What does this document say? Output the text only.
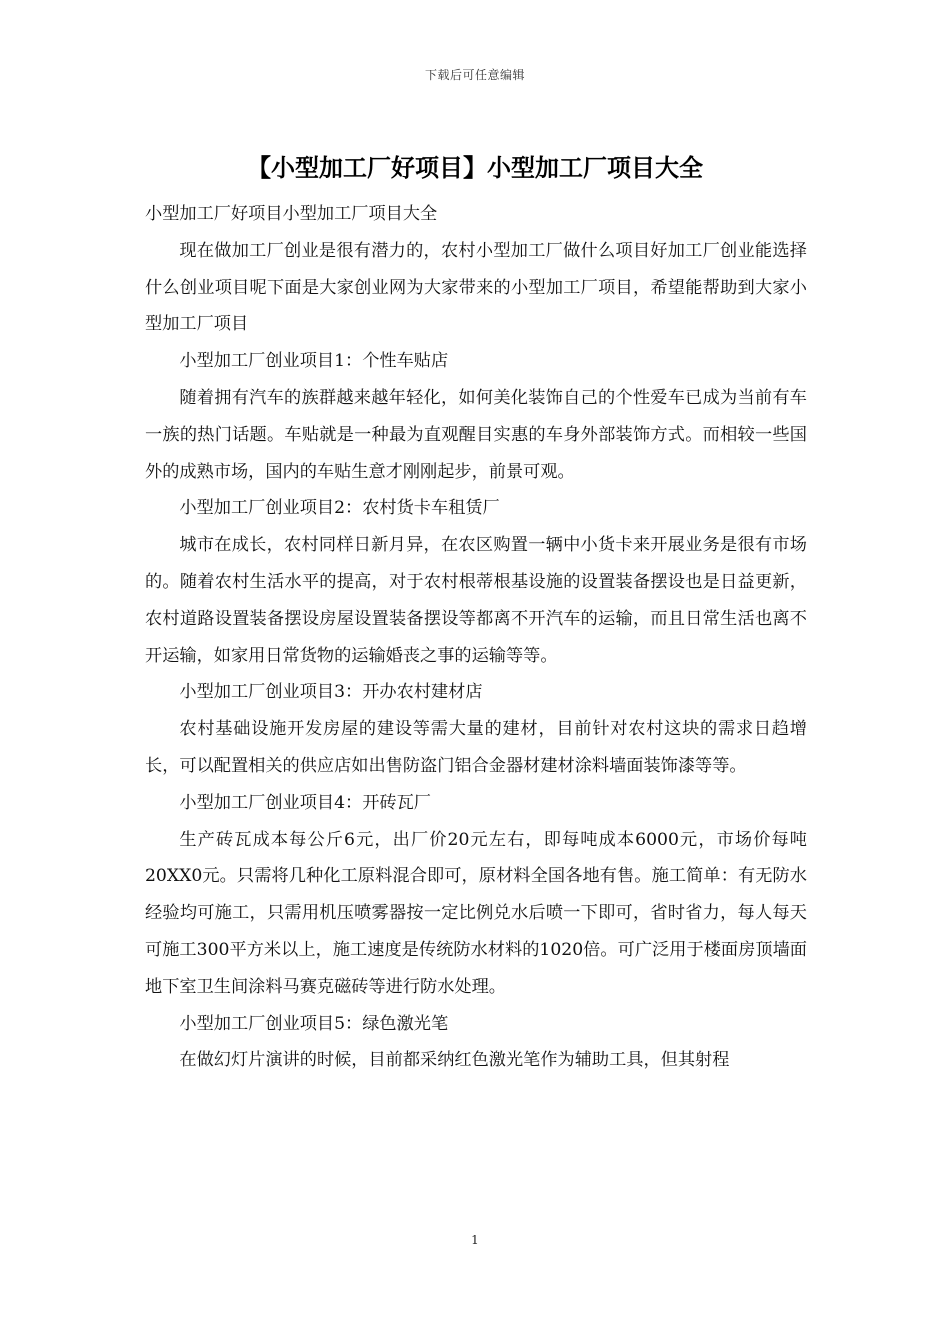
下载后可任意编辑
【小型加工厂好项目】小型加工厂项目大全

小型加工厂好项目小型加工厂项目大全

现在做加工厂创业是很有潜力的，农村小型加工厂做什么项目好加工厂创业能选择什么创业项目呢下面是大家创业网为大家带来的小型加工厂项目，希望能帮助到大家小型加工厂项目

小型加工厂创业项目1：个性车贴店

随着拥有汽车的族群越来越年轻化，如何美化装饰自己的个性爱车已成为当前有车一族的热门话题。车贴就是一种最为直观醒目实惠的车身外部装饰方式。而相较一些国外的成熟市场，国内的车贴生意才刚刚起步，前景可观。

小型加工厂创业项目2：农村货卡车租赁厂

城市在成长，农村同样日新月异，在农区购置一辆中小货卡来开展业务是很有市场的。随着农村生活水平的提高，对于农村根蒂根基设施的设置装备摆设也是日益更新，农村道路设置装备摆设房屋设置装备摆设等都离不开汽车的运输，而且日常生活也离不开运输，如家用日常货物的运输婚丧之事的运输等等。

小型加工厂创业项目3：开办农村建材店

农村基础设施开发房屋的建设等需大量的建材，目前针对农村这块的需求日趋增长，可以配置相关的供应店如出售防盗门铝合金器材建材涂料墙面装饰漆等等。

小型加工厂创业项目4：开砖瓦厂

生产砖瓦成本每公斤6元，出厂价20元左右，即每吨成本6000元，市场价每吨20XX0元。只需将几种化工原料混合即可，原材料全国各地有售。施工简单：有无防水经验均可施工，只需用机压喷雾器按一定比例兑水后喷一下即可，省时省力，每人每天可施工300平方米以上，施工速度是传统防水材料的1020倍。可广泛用于楼面房顶墙面地下室卫生间涂料马赛克磁砖等进行防水处理。

小型加工厂创业项目5：绿色激光笔

在做幻灯片演讲的时候，目前都采纳红色激光笔作为辅助工具，但其射程

1
